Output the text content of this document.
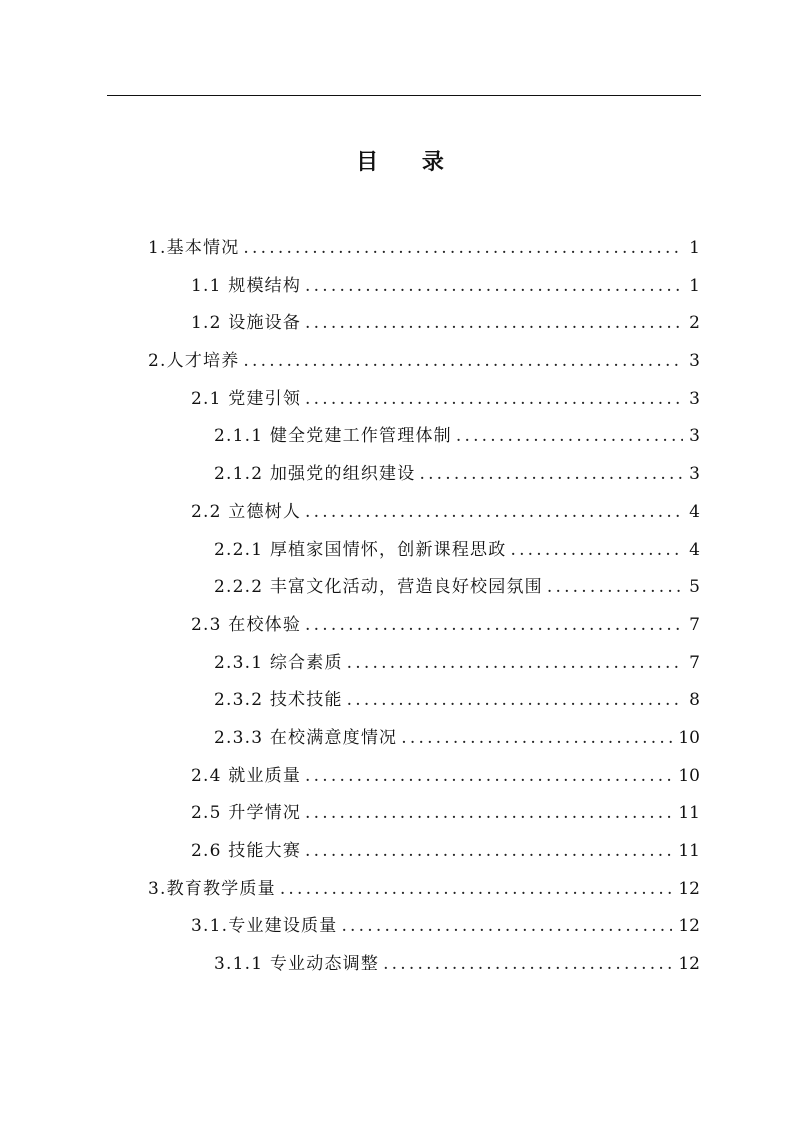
目 录
1.基本情况 .....	1
1.1 规模结构 .....	1
1.2 设施设备 .....	2
2.人才培养 .....	3
2.1 党建引领 .....	3
2.1.1 健全党建工作管理体制 .....	3
2.1.2 加强党的组织建设 .....	3
2.2 立德树人 .....	4
2.2.1 厚植家国情怀，创新课程思政 .....	4
2.2.2 丰富文化活动，营造良好校园氛围 .....	5
2.3 在校体验 .....	7
2.3.1 综合素质 .....	7
2.3.2 技术技能 .....	8
2.3.3 在校满意度情况 .....	10
2.4 就业质量 .....	10
2.5 升学情况 .....	11
2.6 技能大赛 .....	11
3.教育教学质量 .....	12
3.1.专业建设质量 .....	12
3.1.1 专业动态调整 .....	12
